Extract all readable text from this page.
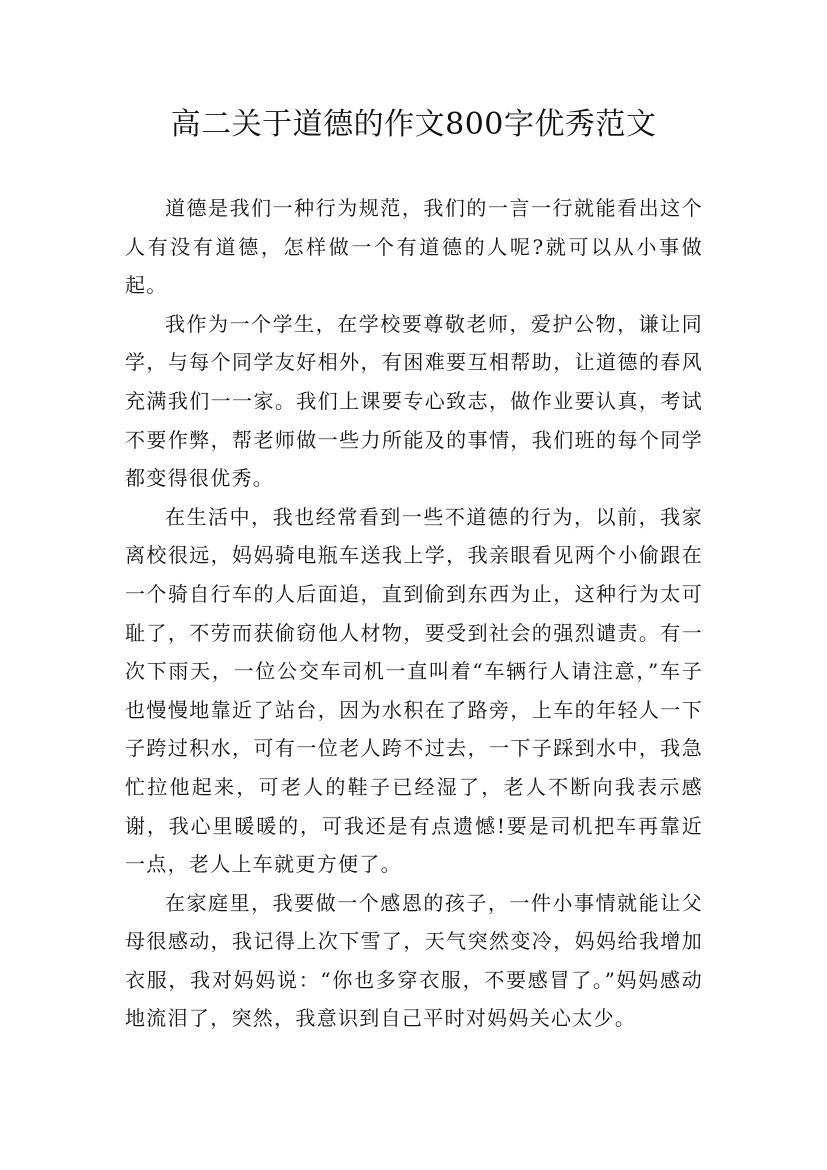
高二关于道德的作文800字优秀范文

道德是我们一种行为规范，我们的一言一行就能看出这个人有没有道德，怎样做一个有道德的人呢?就可以从小事做起。

我作为一个学生，在学校要尊敬老师，爱护公物，谦让同学，与每个同学友好相外，有困难要互相帮助，让道德的春风充满我们一一家。我们上课要专心致志，做作业要认真，考试不要作弊，帮老师做一些力所能及的事情，我们班的每个同学都变得很优秀。

在生活中，我也经常看到一些不道德的行为，以前，我家离校很远，妈妈骑电瓶车送我上学，我亲眼看见两个小偷跟在一个骑自行车的人后面追，直到偷到东西为止，这种行为太可耻了，不劳而获偷窃他人材物，要受到社会的强烈谴责。有一次下雨天，一位公交车司机一直叫着“车辆行人请注意，”车子也慢慢地靠近了站台，因为水积在了路旁，上车的年轻人一下子跨过积水，可有一位老人跨不过去，一下子踩到水中，我急忙拉他起来，可老人的鞋子已经湿了，老人不断向我表示感谢，我心里暖暖的，可我还是有点遗憾!要是司机把车再靠近一点，老人上车就更方便了。

在家庭里，我要做一个感恩的孩子，一件小事情就能让父母很感动，我记得上次下雪了，天气突然变冷，妈妈给我增加衣服，我对妈妈说：“你也多穿衣服，不要感冒了。”妈妈感动地流泪了，突然，我意识到自己平时对妈妈关心太少。
